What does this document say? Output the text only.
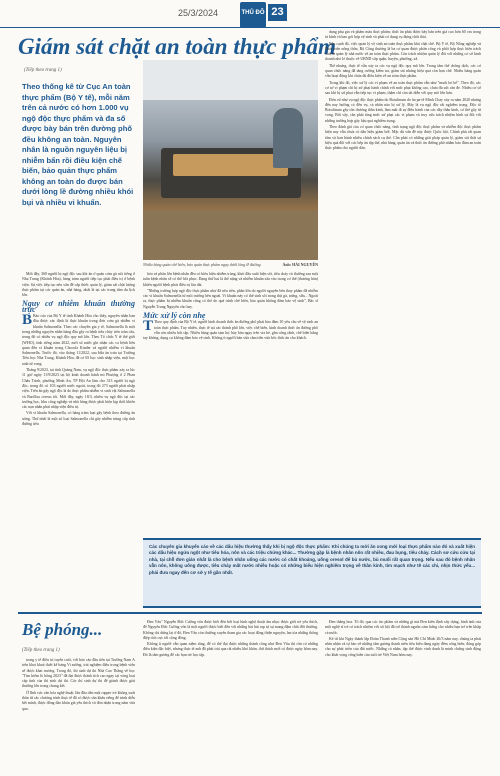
25/3/2024	THỦ ĐÔ 23
Giám sát chặt an toàn thực phẩm
(Tiếp theo trang 1)
Theo thống kê từ Cục An toàn thực phẩm (Bộ Y tế), mỗi năm trên cả nước có hơn 1.000 vụ ngộ độc thực phẩm và đa số được bày bán trên đường phố đều không an toàn. Nguyên nhân là nguồn nguyên liệu bị nhiễm bẩn rồi điều kiện chế biến, bảo quản thực phẩm không an toàn do được bán dưới lòng lề đường nhiều khói bụi và nhiều vi khuẩn.
Nhiều hàng quán chế biến, bảo quản thực phẩm ngay dưới lòng lề đường.	Ảnh: HẢI NGUYÊN

Mới đây, 360 người bị ngộ độc sau khi ăn ở quán cơm gà nổi tiếng ở Nha Trang (Khánh Hòa), hàng trăm người tiếp tục phải điều trị ở bệnh viện. Sự việc tiếp tục nêu vấn đề cấp thiết: quản lý, giám sát chặt lượng thực phẩm tại các quán ăn, nhà hàng, nhất là tại các trung tâm du lịch lớn.

Nguy cơ nhiễm khuẩn thường trực

B Báo cáo của Bộ Y tế tỉnh Khánh Hòa cho thấy, nguyên nhân ban đầu được xác định là thực khuẩn trong đơn cơm gà nhiễm vi khuẩn Salmonella. Theo các chuyên gia y tế, Salmonella là một trong những nguyên nhân hàng đầu gây ra bệnh tiêu chảy trên toàn cầu, trong đó có nhiều vụ ngộ độc quy mô lớn. Theo Tổ chức Y tế thế giới (WHO), tính riêng năm 2022, mới số nước ghi nhận các ca bệnh liên quan đến vi khuẩn trong Chocola Kinder và người nhiễm vi khuẩn Salmonella. Trước đó, vào tháng 11/2022, sau bữa ăn trưa tại Trường Tiểu học Nha Trang, Khánh Hòa, đã có 65 học sinh nhập viện, một học sinh tử vong.

Tháng 9/2023, tại tỉnh Quảng Nam, vụ ngộ độc thực phẩm xảy ra lúc 11 giờ ngày 11/9/2023 tại hộ kinh doanh bánh mì Phượng ở 2 Phan Châu Trinh, phường Minh An, TP Hội An làm cho 313 người bị ngộ độc, trong đó có 103 người nước ngoài, trong đó 273 người phải nhập viện. Trên ẩn gây ngộ độc là do thực phẩm nhiễm vi sinh vật Salmonella và Bacillus cereus tối. Mới đây, ngày 18/3, nhiều vụ ngộ độc tại các trường học, khu công nghiệp và nhà hàng được phát hiện kịp thời khiến các nạn nhân phải nhập viện điều trị.

Với vi khuẩn Salmonella, có hàng trăm loại gây bệnh theo đường ăn uống. Thứ nhất là một số loại Salmonella chỉ gây nhiễm trùng cấp tính đường tiêu

hóa và phân lớn bệnh nhân đều có biểu hiện nhiễm trùng, khỏi đầu xuất hiện sốt, tiêu chảy và thường sau một tuần bệnh nhân sẽ có thể hồi phục. Dạng thứ hai là thể nặng và nhiễm khuẩn sâu vào trong cơ thể (thương hàn) khiến người bệnh phải điều trị lâu dài.

"Những trường hợp ngộ độc thực phẩm như đã nêu trên, phần lớn do người nguyên bên thay phẩm đã nhiễm các vi khuẩn Salmonella từ môi trường bên ngoài. Vi khuẩn này có thể sinh sôi trong thịt gà, trứng, sữa... Ngoài ra, thực phẩm bị nhiễm khuẩn cũng có thể do quá trình chế biến, bảo quản không đảm bảo vệ sinh", Bác sĩ Nguyễn Trung Nguyên cho hay.

Mức xử lý còn nhẹ

T Theo quy định của Bộ Y tế, người kinh doanh thức ăn đường phố phải bảo đảm 10 yêu cầu về vệ sinh an toàn thực phẩm. Tuy nhiên, thực tế tại các thành phố lớn, việc chế biến, kinh doanh thức ăn đường phố vẫn còn nhiều bất cập. Nhiều hàng quán tạm bợ, bày bán ngay trên vỉa hè, gần cống rãnh, chế biến bằng tay không, dụng cụ không đảm bảo vệ sinh. Không ít người bán vừa cầm tiền vừa bốc thức ăn cho khách.

dụng phụ gia và phẩm màu thực phẩm; thức ăn phải được bày bán trên giá cao hơn 60 cm trong tủ kính và bao gói hợp vệ sinh và phải có dụng cụ đựng chất thải.

Bên cạnh đó, việc quản lý vệ sinh an toàn thực phẩm khá chặt chẽ. Bộ Y tế, Bộ Nông nghiệp và Phát triển nông thôn, Bộ Công thương là ba cơ quan được phân công và phối hợp thực hiện trách nhiệm quản lý nhà nước về an toàn thực phẩm. Còn trách nhiệm quản lý đối với những cơ sở kinh doanh nhỏ lẻ thuộc về UBND cấp quận, huyện, phường, xã.

Thế nhưng, thực tế vẫn xảy ra các vụ ngộ độc quy mô lớn. Trong tâm thế chống dịch, các cơ quan chức năng đã tăng cường kiểm tra, giám sát nhưng hiệu quả còn hạn chế. Nhiều hàng quán vẫn hoạt động khi chưa đủ điều kiện về an toàn thực phẩm.

Trong khi đó, việc xử lý các vi phạm về an toàn thực phẩm vẫn như "muối bỏ bể". Theo đó, các cơ sở vi phạm chỉ bị xử phạt hành chính với mức phạt không cao, chưa đủ sức răn đe. Nhiều cơ sở sau khi bị xử phạt vẫn tiếp tục vi phạm, thậm chí còn tái diễn với quy mô lớn hơn.

Đơn cử như vụ ngộ độc thực phẩm do Botulinum do ăn pa-tê Minh Chay xảy ra năm 2020 nhưng đến nay hướng có đến vụ, cả nhân nào bị xử lý. Đây là vụ ngộ độc rất nghiêm trọng. Độc tố Botulinum gây tổn thương thần kinh, làm mất đi sự điều hành của các dây thần kinh, có thể gây tử vong. Bởi vậy, cần phải tăng mức xử phạt các vi phạm và truy cứu trách nhiệm hình sự đối với những trường hợp gây hậu quả nghiêm trọng.

Theo đánh giá của cơ quan chức năng, tình trạng ngộ độc thực phẩm và nhiễm độc thực phẩm hiện nay vẫn chưa có dấu hiệu giảm bớt. Mặc dù vấn đề này được Quốc hội, Chính phủ rất quan tâm và ban hành nhiều chính sách cụ thể. Cần phải có những giải pháp quản lý, giám sát thật sự hiệu quả đối với các bếp ăn tập thể, nhà hàng, quán ăn và thức ăn đường phố nhằm bảo đảm an toàn thực phẩm cho người dân.

Các chuyên gia khuyến cáo về các dấu hiệu thường thấy khi bị ngộ độc thực phẩm: Khi chúng ta mới ăn xong mới loại thực phẩm nào đó và xuất hiện các dấu hiệu ngứa ngột như tiêu hóa, nôn và các triệu chứng khác... Thường gặp là bệnh nhân nôn rất nhiều, đau bụng, tiêu chảy. Cách sơ cứu cửu tại nhà, tại chỗ đơn giản nhất là cho bệnh nhân uống các nước có chất khoáng, uống oresol để bù nước, bù muối rất quan trọng. Nếu sau đó bệnh nhân vẫn nôn, không uống được, tiêu chảy mất nước nhiều hoặc có những biểu hiện nghiêm trọng về thần kinh, tim mạch như tê các chi, nhịn thức yếu... phải đưa ngay đến cơ sở y tế gần nhất.
Bệ phóng...
(Tiếp theo trang 1)

trong y tế điều trị tuyến cuối, với báo cáo đầu tiên tại Trường Nam Á trên khai khoá thiết kế bảng Vi sưởng, trải nghiệm điều trong bệnh viện sẽ được khai trương. Trong đó, thí sinh dự thi Nhà Cao Thắng về học "Tìm kiếm lò hồng 2023" đã đạt được thành tích cao ngay tại vòng loại cấp tỉnh của thí sinh dự thi. Các thí sinh dự thi để giành được giải thưởng lớn trong chung kết.

Ở lĩnh vực văn hóa nghệ thuật, lần đầu tiên một rapper trẻ không xuất thân từ các chương trình thực tế đã có được sân khấu riêng để trình diễn hết mình, được đông đảo khán giả yêu thích và đón nhận trong năm vừa qua.

Đen Vâu" Nguyễn Đức Cường vốn được biết đến bởi loại hình nghệ thuật âm nhạc được giới trẻ yêu thích, để Nguyên Đức Cường vốn là một người được biết đến với những bài hát rap tự sự mang đậm chất đời thường. Không chỉ dừng lại ở đó, Đen Vâu còn thường xuyên tham gia các hoạt động thiện nguyện, lan tỏa những thông điệp tích cực tới cộng đồng.

Không ít người vẫn quan niệm rằng, để có thể đạt được những thành công như Đen Vâu thì cần có những điều kiện đặc biệt, nhưng thực tế anh đã phải trải qua rất nhiều khó khăn, thử thách mới có được ngày hôm nay. Đó là tấm gương để các bạn trẻ học tập.

Đen thắng hoa. Tô đó, qua các tác phẩm và những gì mà Đen kiên định xây dựng, hình ảnh của một nghệ sĩ trẻ có trách nhiệm với xã hội đã trở thành nguồn cảm hứng cho nhiều bạn trẻ trên khắp cả nước.

Kể từ khi Ngày thành lập Đoàn Thanh niên Cộng sản Hồ Chí Minh 26/3 năm nay, chúng ta phải nhìn nhận và tự hào về những tấm gương thanh niên tiêu biểu đang ngày đêm cống hiến, đóng góp cho sự phát triển của đất nước. Những cá nhân, tập thể được vinh danh là minh chứng sinh động cho khát vọng cống hiến của tuổi trẻ Việt Nam hôm nay.
